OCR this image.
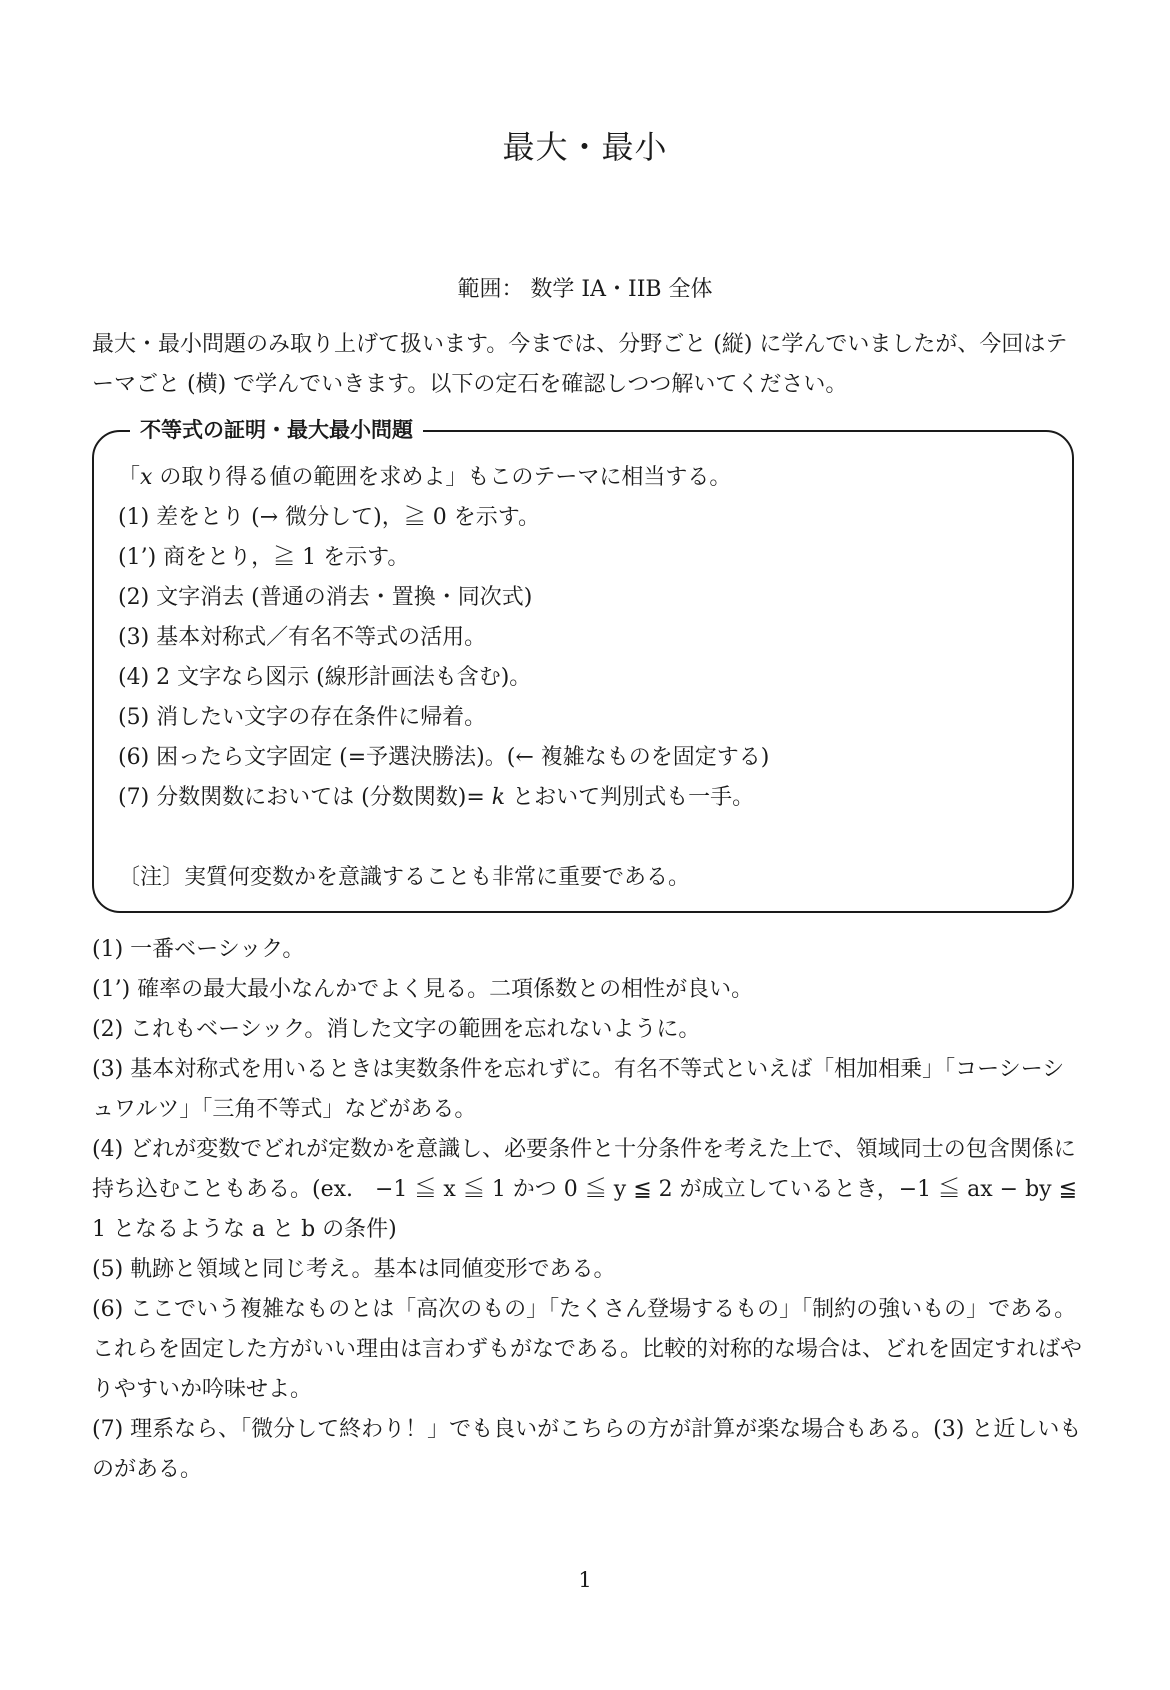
最大・最小
範囲： 数学 IA・IIB 全体

最大・最小問題のみ取り上げて扱います。今までは、分野ごと (縦) に学んでいましたが、今回はテーマごと (横) で学んでいきます。以下の定石を確認しつつ解いてください。

不等式の証明・最大最小問題
「x の取り得る値の範囲を求めよ」もこのテーマに相当する。
(1) 差をとり (→ 微分して)，≧ 0 を示す。
(1’) 商をとり，≧ 1 を示す。
(2) 文字消去 (普通の消去・置換・同次式)
(3) 基本対称式／有名不等式の活用。
(4) 2 文字なら図示 (線形計画法も含む)。
(5) 消したい文字の存在条件に帰着。
(6) 困ったら文字固定 (=予選決勝法)。(← 複雑なものを固定する)
(7) 分数関数においては (分数関数)= k とおいて判別式も一手。
〔注〕実質何変数かを意識することも非常に重要である。

(1) 一番ベーシック。

(1’) 確率の最大最小なんかでよく見る。二項係数との相性が良い。

(2) これもベーシック。消した文字の範囲を忘れないように。

(3) 基本対称式を用いるときは実数条件を忘れずに。有名不等式といえば「相加相乗」「コーシーシュワルツ」「三角不等式」などがある。

(4) どれが変数でどれが定数かを意識し、必要条件と十分条件を考えた上で、領域同士の包含関係に持ち込むこともある。(ex.　−1 ≦ x ≦ 1 かつ 0 ≦ y ≦ 2 が成立しているとき，−1 ≦ ax − by ≦ 1 となるような a と b の条件)

(5) 軌跡と領域と同じ考え。基本は同値変形である。

(6) ここでいう複雑なものとは「高次のもの」「たくさん登場するもの」「制約の強いもの」である。これらを固定した方がいい理由は言わずもがなである。比較的対称的な場合は、どれを固定すればやりやすいか吟味せよ。

(7) 理系なら、「微分して終わり！」でも良いがこちらの方が計算が楽な場合もある。(3) と近しいものがある。

1
